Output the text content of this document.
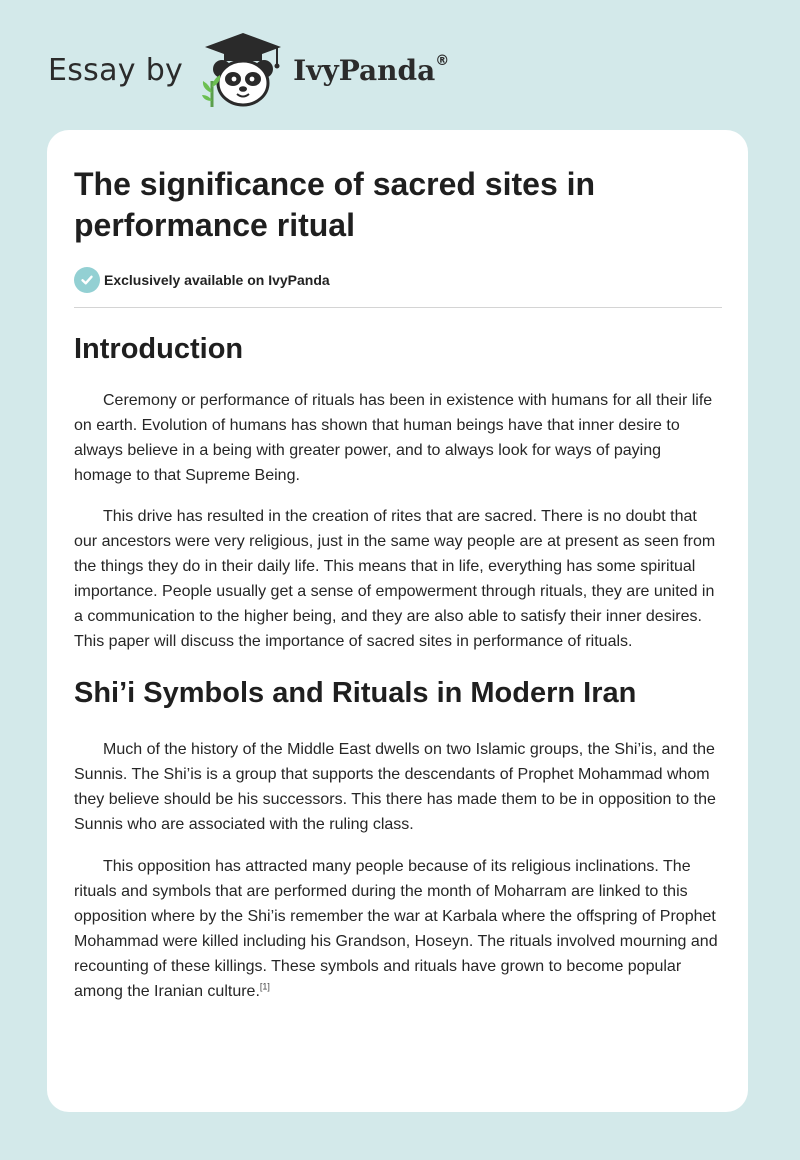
Essay by	IvyPanda®
The significance of sacred sites in performance ritual
Exclusively available on IvyPanda
Introduction

Ceremony or performance of rituals has been in existence with humans for all their life on earth. Evolution of humans has shown that human beings have that inner desire to always believe in a being with greater power, and to always look for ways of paying homage to that Supreme Being.

This drive has resulted in the creation of rites that are sacred. There is no doubt that our ancestors were very religious, just in the same way people are at present as seen from the things they do in their daily life. This means that in life, everything has some spiritual importance. People usually get a sense of empowerment through rituals, they are united in a communication to the higher being, and they are also able to satisfy their inner desires. This paper will discuss the importance of sacred sites in performance of rituals.

Shi’i Symbols and Rituals in Modern Iran

Much of the history of the Middle East dwells on two Islamic groups, the Shi’is, and the Sunnis. The Shi’is is a group that supports the descendants of Prophet Mohammad whom they believe should be his successors. This there has made them to be in opposition to the Sunnis who are associated with the ruling class.

This opposition has attracted many people because of its religious inclinations. The rituals and symbols that are performed during the month of Moharram are linked to this opposition where by the Shi’is remember the war at Karbala where the offspring of Prophet Mohammad were killed including his Grandson, Hoseyn. The rituals involved mourning and recounting of these killings. These symbols and rituals have grown to become popular among the Iranian culture.[1]
